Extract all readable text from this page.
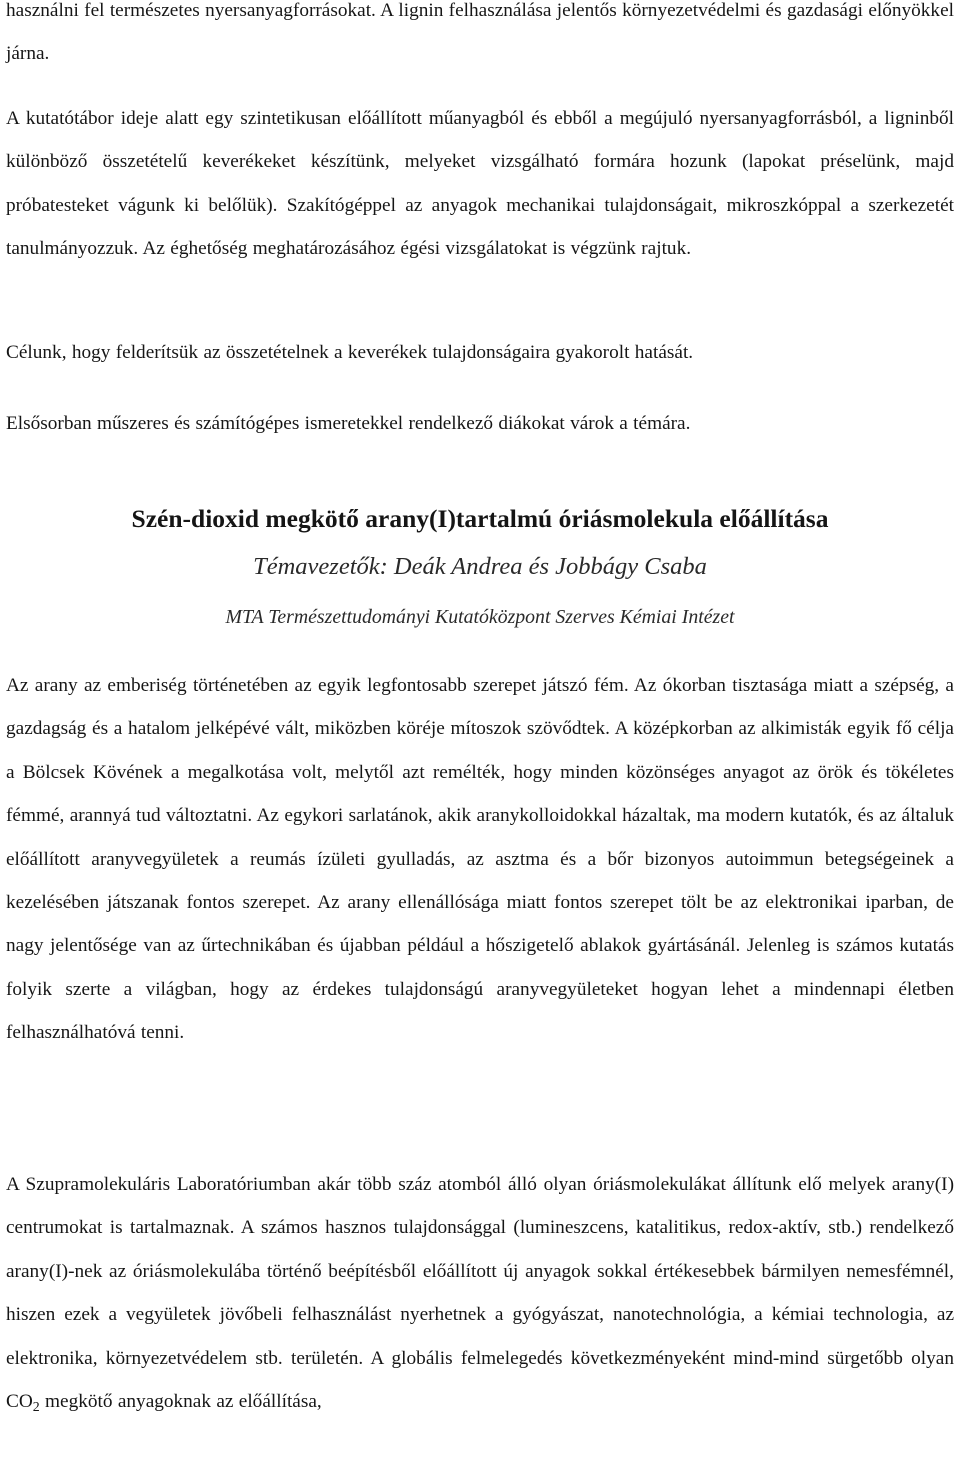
használni fel természetes nyersanyagforrásokat. A lignin felhasználása jelentős környezetvédelmi és gazdasági előnyökkel járna.

A kutatótábor ideje alatt egy szintetikusan előállított műanyagból és ebből a megújuló nyersanyagforrásból, a ligninből különböző összetételű keverékeket készítünk, melyeket vizsgálható formára hozunk (lapokat préselünk, majd próbatesteket vágunk ki belőlük). Szakítógéppel az anyagok mechanikai tulajdonságait, mikroszkóppal a szerkezetét tanulmányozzuk. Az éghetőség meghatározásához égési vizsgálatokat is végzünk rajtuk.

Célunk, hogy felderítsük az összetételnek a keverékek tulajdonságaira gyakorolt hatását.

Elsősorban műszeres és számítógépes ismeretekkel rendelkező diákokat várok a témára.

Szén-dioxid megkötő arany(I)tartalmú óriásmolekula előállítása
Témavezetők: Deák Andrea és Jobbágy Csaba
MTA Természettudományi Kutatóközpont Szerves Kémiai Intézet

Az arany az emberiség történetében az egyik legfontosabb szerepet játszó fém. Az ókorban tisztasága miatt a szépség, a gazdagság és a hatalom jelképévé vált, miközben köréje mítoszok szövődtek. A középkorban az alkimisták egyik fő célja a Bölcsek Kövének a megalkotása volt, melytől azt remélték, hogy minden közönséges anyagot az örök és tökéletes fémmé, arannyá tud változtatni. Az egykori sarlatánok, akik aranykolloidokkal házaltak, ma modern kutatók, és az általuk előállított aranyvegyületek a reumás ízületi gyulladás, az asztma és a bőr bizonyos autoimmun betegségeinek a kezelésében játszanak fontos szerepet. Az arany ellenállósága miatt fontos szerepet tölt be az elektronikai iparban, de nagy jelentősége van az űrtechnikában és újabban például a hőszigetelő ablakok gyártásánál. Jelenleg is számos kutatás folyik szerte a világban, hogy az érdekes tulajdonságú aranyvegyületeket hogyan lehet a mindennapi életben felhasználhatóvá tenni.

A Szupramolekuláris Laboratóriumban akár több száz atomból álló olyan óriásmolekulákat állítunk elő melyek arany(I) centrumokat is tartalmaznak. A számos hasznos tulajdonsággal (lumineszcens, katalitikus, redox-aktív, stb.) rendelkező arany(I)-nek az óriásmolekulába történő beépítésből előállított új anyagok sokkal értékesebbek bármilyen nemesfémnél, hiszen ezek a vegyületek jövőbeli felhasználást nyerhetnek a gyógyászat, nanotechnológia, a kémiai technologia, az elektronika, környezetvédelem stb. területén. A globális felmelegedés következményeként mind-mind sürgetőbb olyan $CO_2$ megkötő anyagoknak az előállítása,
